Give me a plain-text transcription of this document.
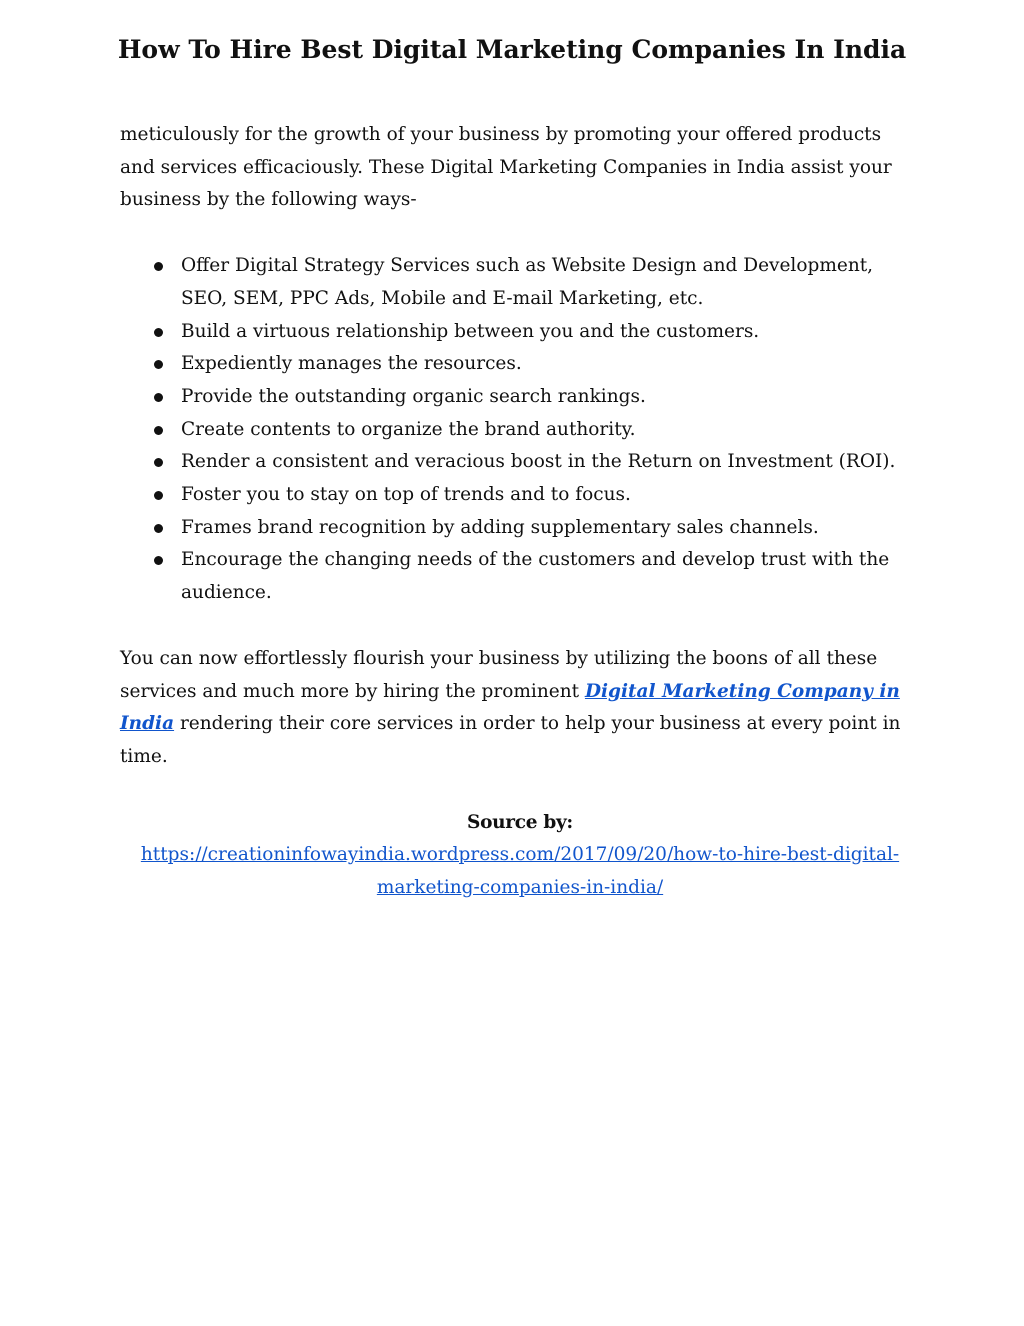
How To Hire Best Digital Marketing Companies In India

meticulously for the growth of your business by promoting your offered products and services efficaciously. These Digital Marketing Companies in India assist your business by the following ways-

Offer Digital Strategy Services such as Website Design and Development, SEO, SEM, PPC Ads, Mobile and E-mail Marketing, etc.
Build a virtuous relationship between you and the customers.
Expediently manages the resources.
Provide the outstanding organic search rankings.
Create contents to organize the brand authority.
Render a consistent and veracious boost in the Return on Investment (ROI).
Foster you to stay on top of trends and to focus.
Frames brand recognition by adding supplementary sales channels.
Encourage the changing needs of the customers and develop trust with the audience.

You can now effortlessly flourish your business by utilizing the boons of all these services and much more by hiring the prominent Digital Marketing Company in India rendering their core services in order to help your business at every point in time.

Source by:
https://creationinfowayindia.wordpress.com/2017/09/20/how-to-hire-best-digital-marketing-companies-in-india/
